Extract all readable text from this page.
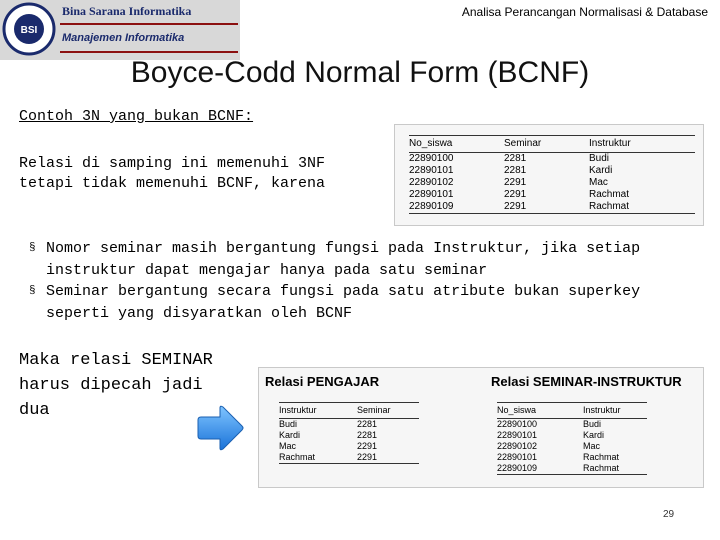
BSI
Bina Sarana Informatika
Manajemen Informatika
Analisa Perancangan Normalisasi & Database
Boyce-Codd Normal Form (BCNF)
Contoh 3N yang bukan BCNF:
Relasi di samping ini memenuhi 3NF tetapi tidak memenuhi BCNF, karena
§ Nomor seminar masih bergantung fungsi pada Instruktur, jika setiap instruktur dapat mengajar hanya pada satu seminar
§ Seminar bergantung secara fungsi pada satu atribute bukan superkey seperti yang disyaratkan oleh BCNF
No_siswa	Seminar	Instruktur
22890100	2281	Budi
22890101	2281	Kardi
22890102	2291	Mac
22890101	2291	Rachmat
22890109	2291	Rachmat
Maka relasi SEMINAR harus dipecah jadi dua
Relasi PENGAJAR
Instruktur	Seminar
Budi	2281
Kardi	2281
Mac	2291
Rachmat	2291
Relasi SEMINAR-INSTRUKTUR
No_siswa	Instruktur
22890100	Budi
22890101	Kardi
22890102	Mac
22890101	Rachmat
22890109	Rachmat
29
